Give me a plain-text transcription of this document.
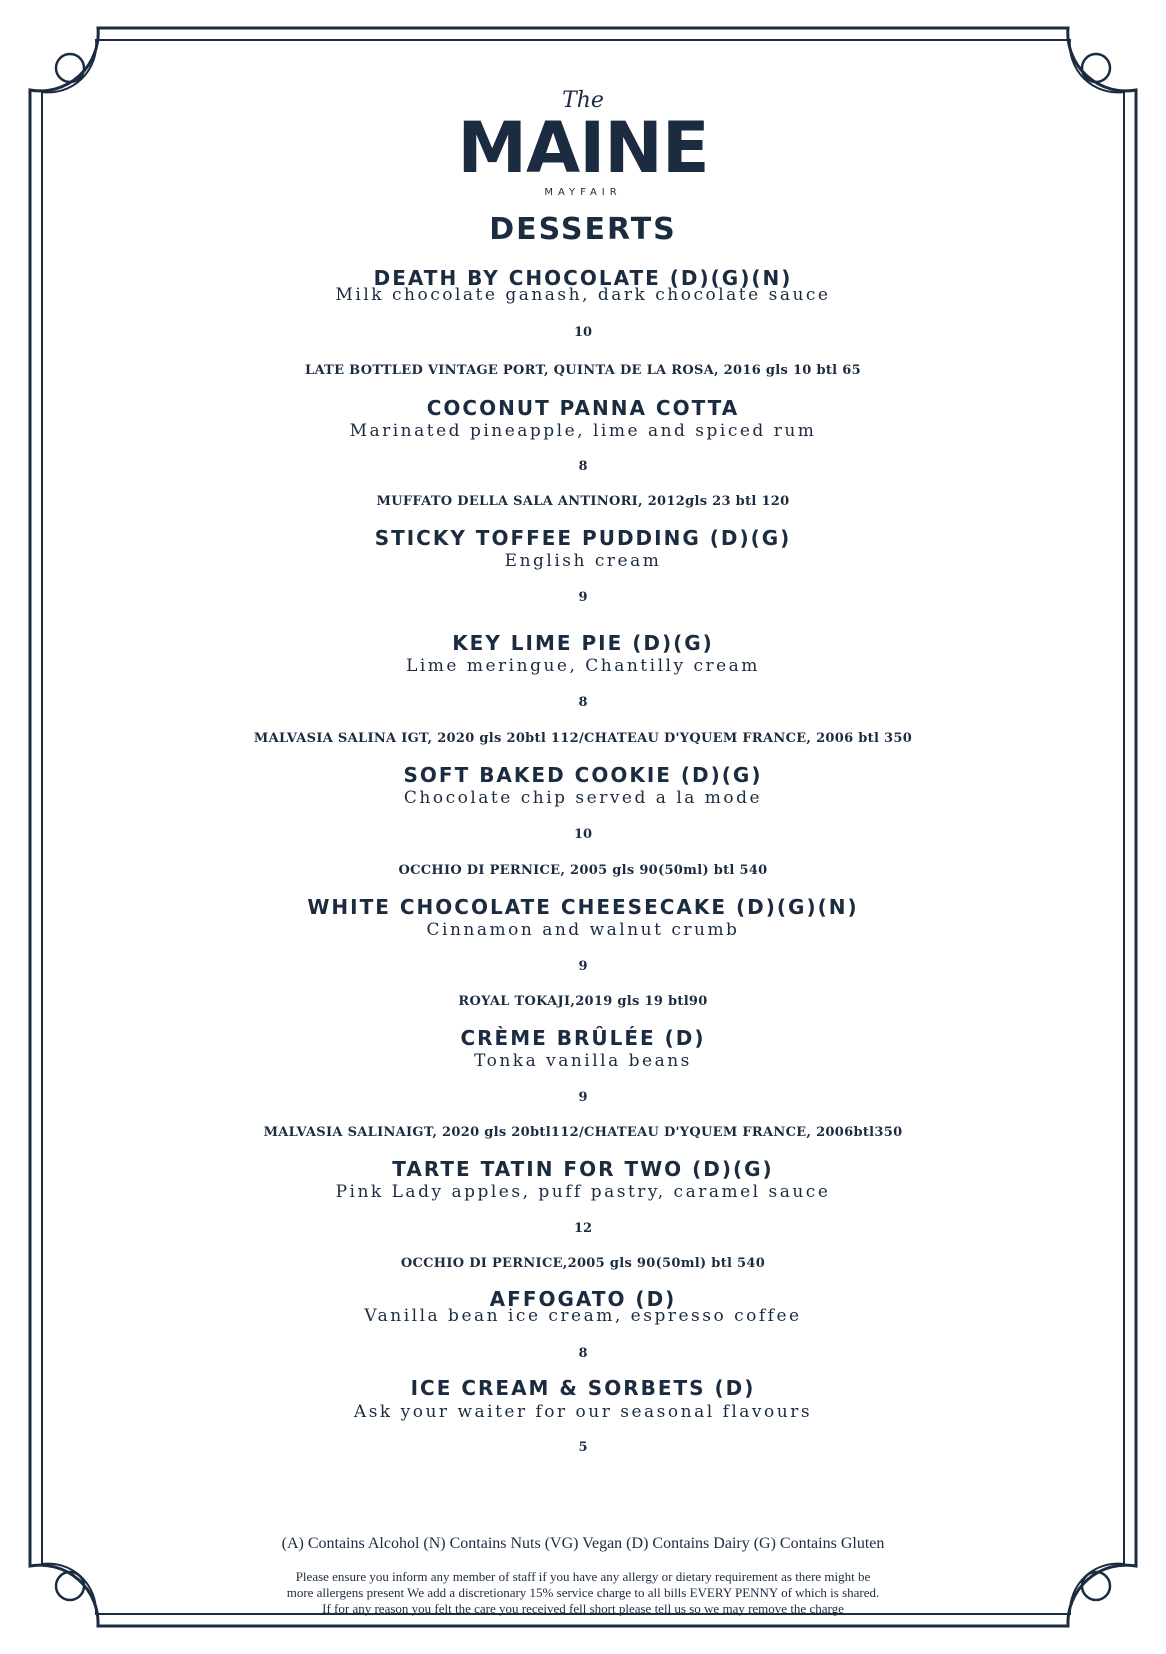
The
MAINE
MAYFAIR
DESSERTS
DEATH BY CHOCOLATE (D)(G)(N)
Milk chocolate ganash, dark chocolate sauce
10
LATE BOTTLED VINTAGE PORT, QUINTA DE LA ROSA, 2016 gls 10 btl 65
COCONUT PANNA COTTA
Marinated pineapple, lime and spiced rum
8
MUFFATO DELLA SALA ANTINORI, 2012gls 23 btl 120
STICKY TOFFEE PUDDING (D)(G)
English cream
9
KEY LIME PIE (D)(G)
Lime meringue, Chantilly cream
8
MALVASIA SALINA IGT, 2020 gls 20btl 112/CHATEAU D'YQUEM FRANCE, 2006 btl 350
SOFT BAKED COOKIE (D)(G)
Chocolate chip served a la mode
10
OCCHIO DI PERNICE, 2005 gls 90(50ml) btl 540
WHITE CHOCOLATE CHEESECAKE (D)(G)(N)
Cinnamon and walnut crumb
9
ROYAL TOKAJI,2019 gls 19 btl90
CRÈME BRÛLÉE (D)
Tonka vanilla beans
9
MALVASIA SALINAIGT, 2020 gls 20btl112/CHATEAU D'YQUEM FRANCE, 2006btl350
TARTE TATIN FOR TWO (D)(G)
Pink Lady apples, puff pastry, caramel sauce
12
OCCHIO DI PERNICE,2005 gls 90(50ml) btl 540
AFFOGATO (D)
Vanilla bean ice cream, espresso coffee
8
ICE CREAM & SORBETS (D)
Ask your waiter for our seasonal flavours
5
(A) Contains Alcohol (N) Contains Nuts (VG) Vegan (D) Contains Dairy (G) Contains Gluten
Please ensure you inform any member of staff if you have any allergy or dietary requirement as there might be
more allergens present We add a discretionary 15% service charge to all bills EVERY PENNY of which is shared.
If for any reason you felt the care you received fell short please tell us so we may remove the charge
